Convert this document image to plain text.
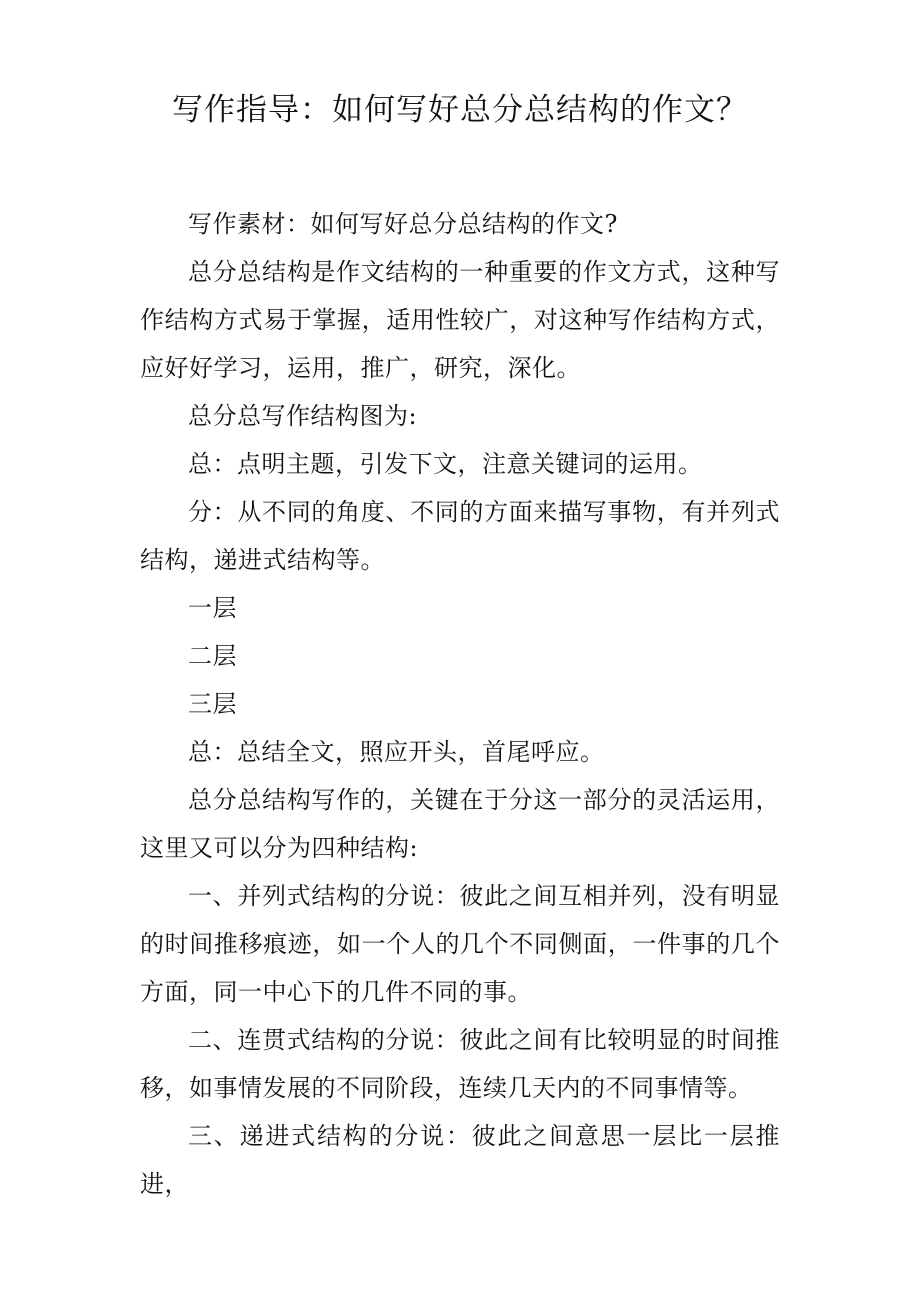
写作指导：如何写好总分总结构的作文？

写作素材：如何写好总分总结构的作文?

总分总结构是作文结构的一种重要的作文方式，这种写作结构方式易于掌握，适用性较广，对这种写作结构方式，应好好学习，运用，推广，研究，深化。

总分总写作结构图为:

总：点明主题，引发下文，注意关键词的运用。

分：从不同的角度、不同的方面来描写事物，有并列式结构，递进式结构等。

一层

二层

三层

总：总结全文，照应开头，首尾呼应。

总分总结构写作的，关键在于分这一部分的灵活运用，这里又可以分为四种结构:

一、并列式结构的分说：彼此之间互相并列，没有明显的时间推移痕迹，如一个人的几个不同侧面，一件事的几个方面，同一中心下的几件不同的事。

二、连贯式结构的分说：彼此之间有比较明显的时间推移，如事情发展的不同阶段，连续几天内的不同事情等。

三、递进式结构的分说：彼此之间意思一层比一层推进，
